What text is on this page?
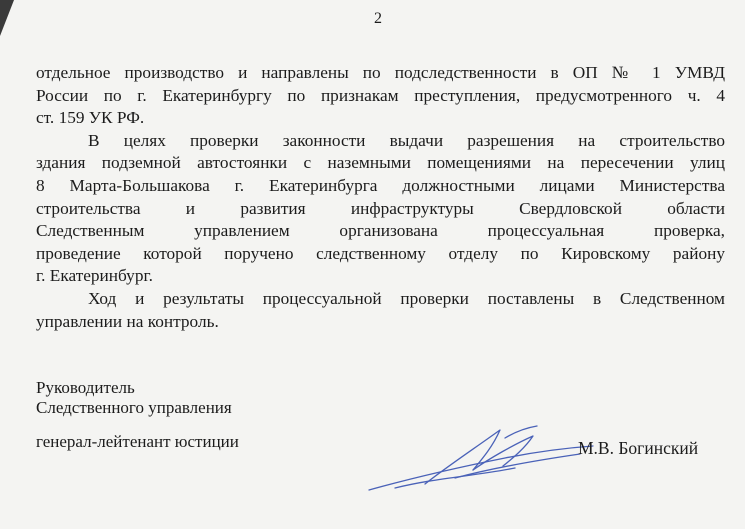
2
отдельное производство и направлены по подследственности в ОП № 1 УМВД
России по г. Екатеринбургу по признакам преступления, предусмотренного ч. 4
ст. 159 УК РФ.
В целях проверки законности выдачи разрешения на строительство
здания подземной автостоянки с наземными помещениями на пересечении улиц
8 Марта-Большакова г. Екатеринбурга должностными лицами Министерства
строительства и развития инфраструктуры Свердловской области
Следственным управлением организована процессуальная проверка,
проведение которой поручено следственному отделу по Кировскому району
г. Екатеринбург.
Ход и результаты процессуальной проверки поставлены в Следственном
управлении на контроль.
Руководитель
Следственного управления
генерал-лейтенант юстиции	М.В. Богинский
